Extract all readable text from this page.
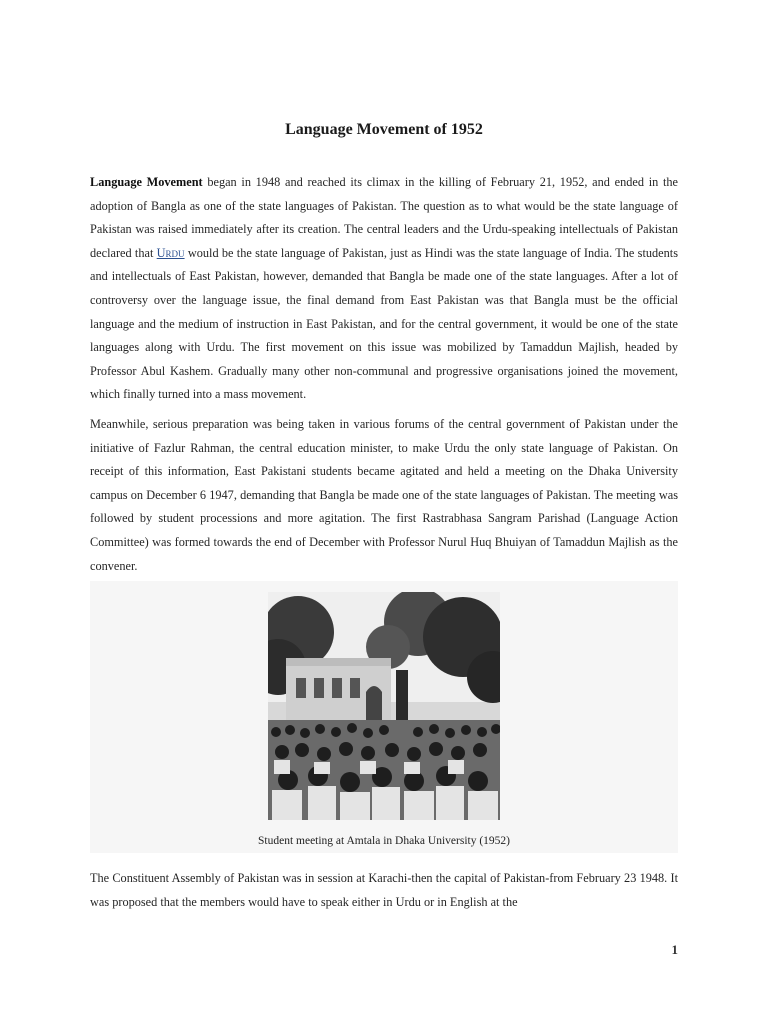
Language Movement of 1952

Language Movement began in 1948 and reached its climax in the killing of February 21, 1952, and ended in the adoption of Bangla as one of the state languages of Pakistan. The question as to what would be the state language of Pakistan was raised immediately after its creation. The central leaders and the Urdu-speaking intellectuals of Pakistan declared that Urdu would be the state language of Pakistan, just as Hindi was the state language of India. The students and intellectuals of East Pakistan, however, demanded that Bangla be made one of the state languages. After a lot of controversy over the language issue, the final demand from East Pakistan was that Bangla must be the official language and the medium of instruction in East Pakistan, and for the central government, it would be one of the state languages along with Urdu. The first movement on this issue was mobilized by Tamaddun Majlish, headed by Professor Abul Kashem. Gradually many other non-communal and progressive organisations joined the movement, which finally turned into a mass movement.

Meanwhile, serious preparation was being taken in various forums of the central government of Pakistan under the initiative of Fazlur Rahman, the central education minister, to make Urdu the only state language of Pakistan. On receipt of this information, East Pakistani students became agitated and held a meeting on the Dhaka University campus on December 6 1947, demanding that Bangla be made one of the state languages of Pakistan. The meeting was followed by student processions and more agitation. The first Rastrabhasa Sangram Parishad (Language Action Committee) was formed towards the end of December with Professor Nurul Huq Bhuiyan of Tamaddun Majlish as the convener.

Student meeting at Amtala in Dhaka University (1952)

The Constituent Assembly of Pakistan was in session at Karachi-then the capital of Pakistan-from February 23 1948. It was proposed that the members would have to speak either in Urdu or in English at the

1
